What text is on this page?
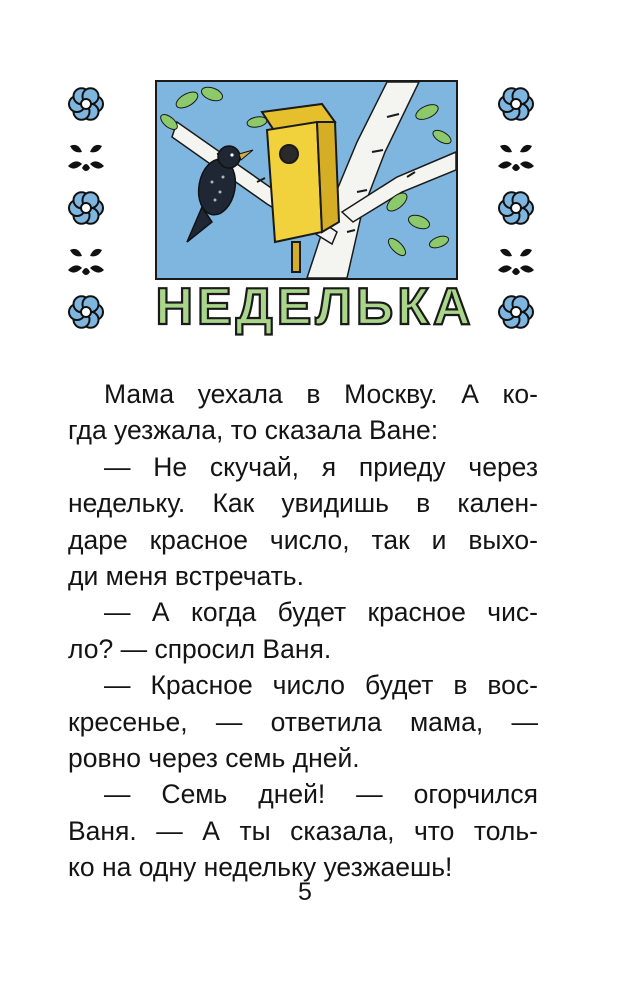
НЕДЕЛЬКА
Мама уехала в Москву. А ко-
гда уезжала, то сказала Ване:
— Не скучай, я приеду через
недельку. Как увидишь в кален-
даре красное число, так и выхо-
ди меня встречать.
— А когда будет красное чис-
ло? — спросил Ваня.
— Красное число будет в вос-
кресенье, — ответила мама, —
ровно через семь дней.
— Семь дней! — огорчился
Ваня. — А ты сказала, что толь-
ко на одну недельку уезжаешь!
5
